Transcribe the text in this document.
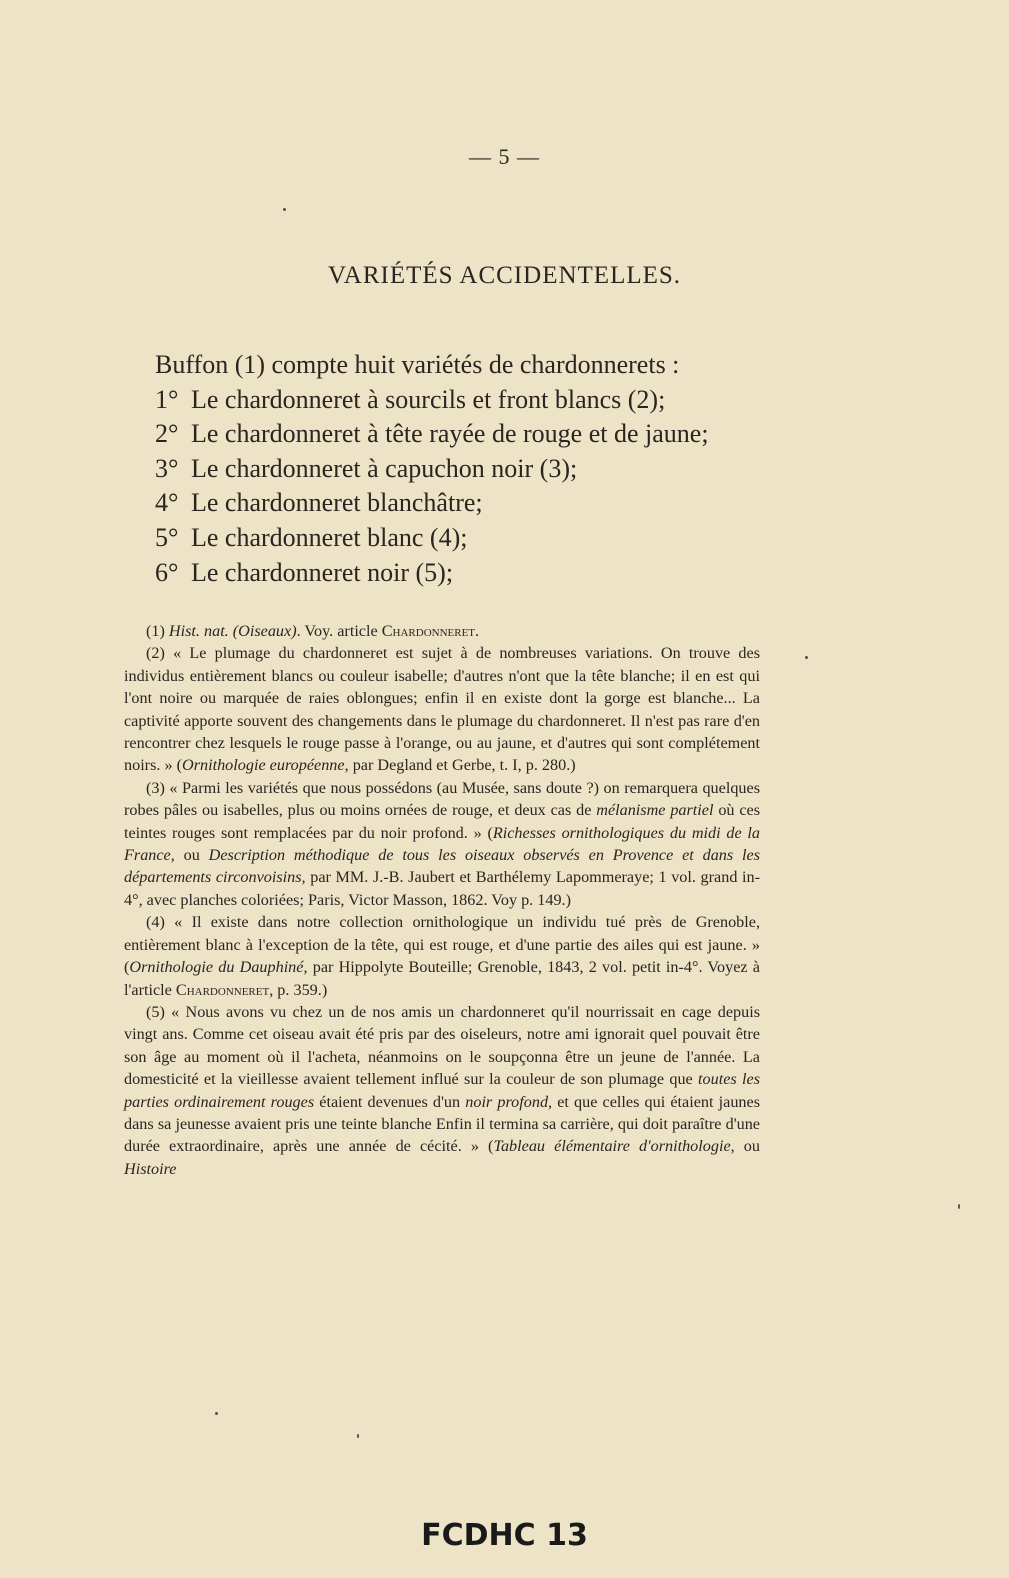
— 5 —
VARIÉTÉS ACCIDENTELLES.
Buffon (1) compte huit variétés de chardonnerets :
1° Le chardonneret à sourcils et front blancs (2);
2° Le chardonneret à tête rayée de rouge et de jaune;
3° Le chardonneret à capuchon noir (3);
4° Le chardonneret blanchâtre;
5° Le chardonneret blanc (4);
6° Le chardonneret noir (5);

(1) Hist. nat. (Oiseaux). Voy. article Chardonneret.

(2) « Le plumage du chardonneret est sujet à de nombreuses variations. On trouve des individus entièrement blancs ou couleur isabelle; d'autres n'ont que la tête blanche; il en est qui l'ont noire ou marquée de raies oblongues; enfin il en existe dont la gorge est blanche... La captivité apporte souvent des changements dans le plumage du chardonneret. Il n'est pas rare d'en rencontrer chez lesquels le rouge passe à l'orange, ou au jaune, et d'autres qui sont complétement noirs. » (Ornithologie européenne, par Degland et Gerbe, t. I, p. 280.)

(3) « Parmi les variétés que nous possédons (au Musée, sans doute ?) on remarquera quelques robes pâles ou isabelles, plus ou moins ornées de rouge, et deux cas de mélanisme partiel où ces teintes rouges sont remplacées par du noir profond. » (Richesses ornithologiques du midi de la France, ou Description méthodique de tous les oiseaux observés en Provence et dans les départements circonvoisins, par MM. J.-B. Jaubert et Barthélemy Lapommeraye; 1 vol. grand in-4°, avec planches coloriées; Paris, Victor Masson, 1862. Voy p. 149.)

(4) « Il existe dans notre collection ornithologique un individu tué près de Grenoble, entièrement blanc à l'exception de la tête, qui est rouge, et d'une partie des ailes qui est jaune. » (Ornithologie du Dauphiné, par Hippolyte Bouteille; Grenoble, 1843, 2 vol. petit in-4°. Voyez à l'article Chardonneret, p. 359.)

(5) « Nous avons vu chez un de nos amis un chardonneret qu'il nourrissait en cage depuis vingt ans. Comme cet oiseau avait été pris par des oiseleurs, notre ami ignorait quel pouvait être son âge au moment où il l'acheta, néanmoins on le soupçonna être un jeune de l'année. La domesticité et la vieillesse avaient tellement influé sur la couleur de son plumage que toutes les parties ordinairement rouges étaient devenues d'un noir profond, et que celles qui étaient jaunes dans sa jeunesse avaient pris une teinte blanche Enfin il termina sa carrière, qui doit paraître d'une durée extraordinaire, après une année de cécité. » (Tableau élémentaire d'ornithologie, ou Histoire

FCDHC 13
